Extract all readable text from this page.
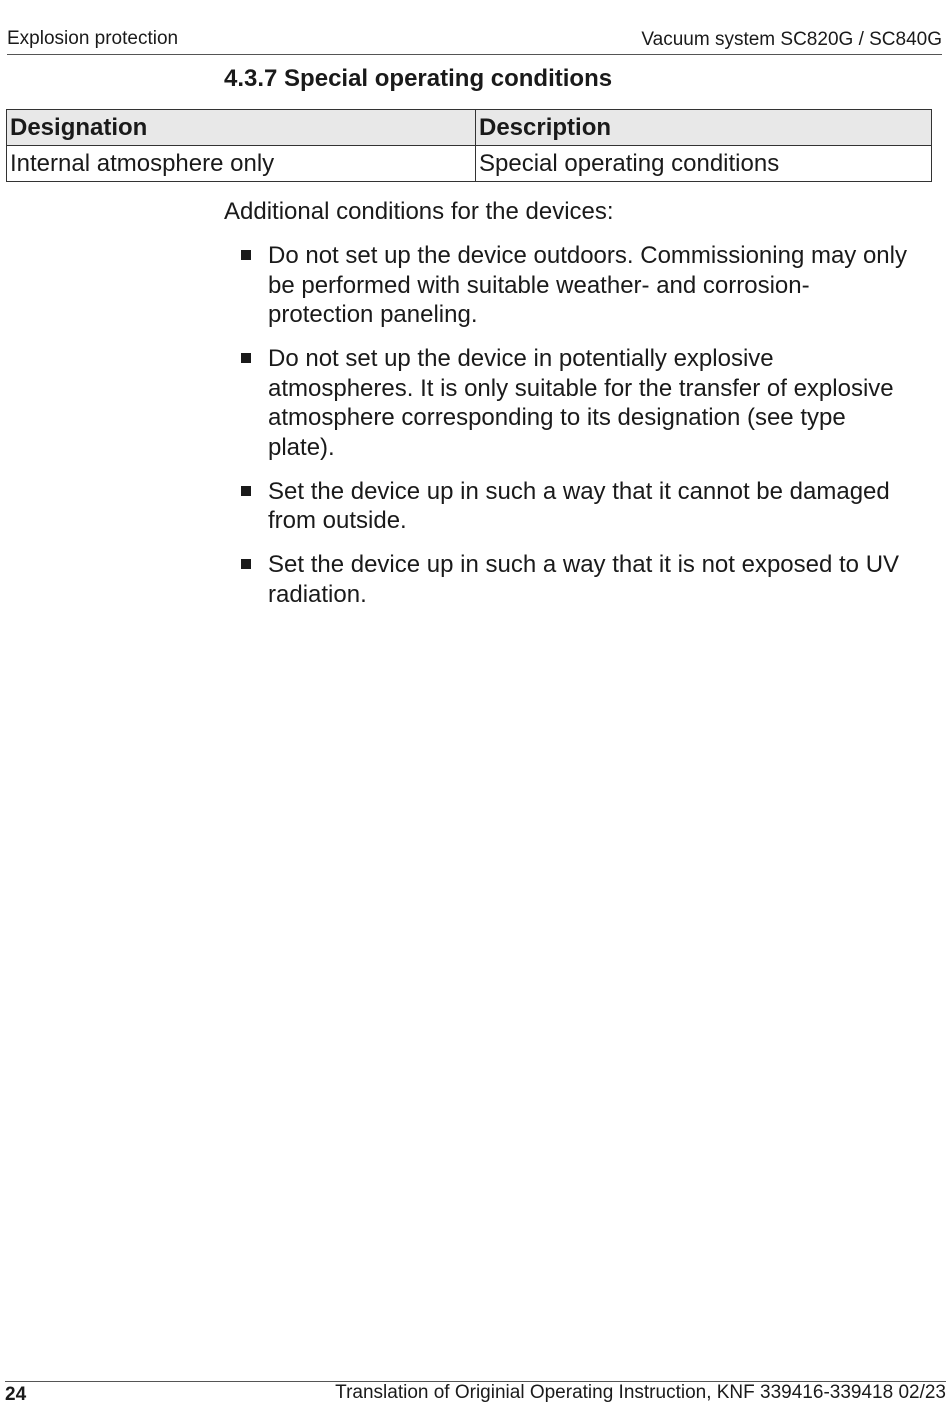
Explosion protection	Vacuum system SC820G / SC840G
4.3.7 Special operating conditions
Designation	Description
Internal atmosphere only	Special operating conditions

Additional conditions for the devices:

Do not set up the device outdoors. Commissioning may only be performed with suitable weather- and corrosion-protection paneling.
Do not set up the device in potentially explosive atmospheres. It is only suitable for the transfer of explosive atmosphere corresponding to its designation (see type plate).
Set the device up in such a way that it cannot be damaged from outside.
Set the device up in such a way that it is not exposed to UV radiation.
24	Translation of Originial Operating Instruction, KNF 339416-339418 02/23
